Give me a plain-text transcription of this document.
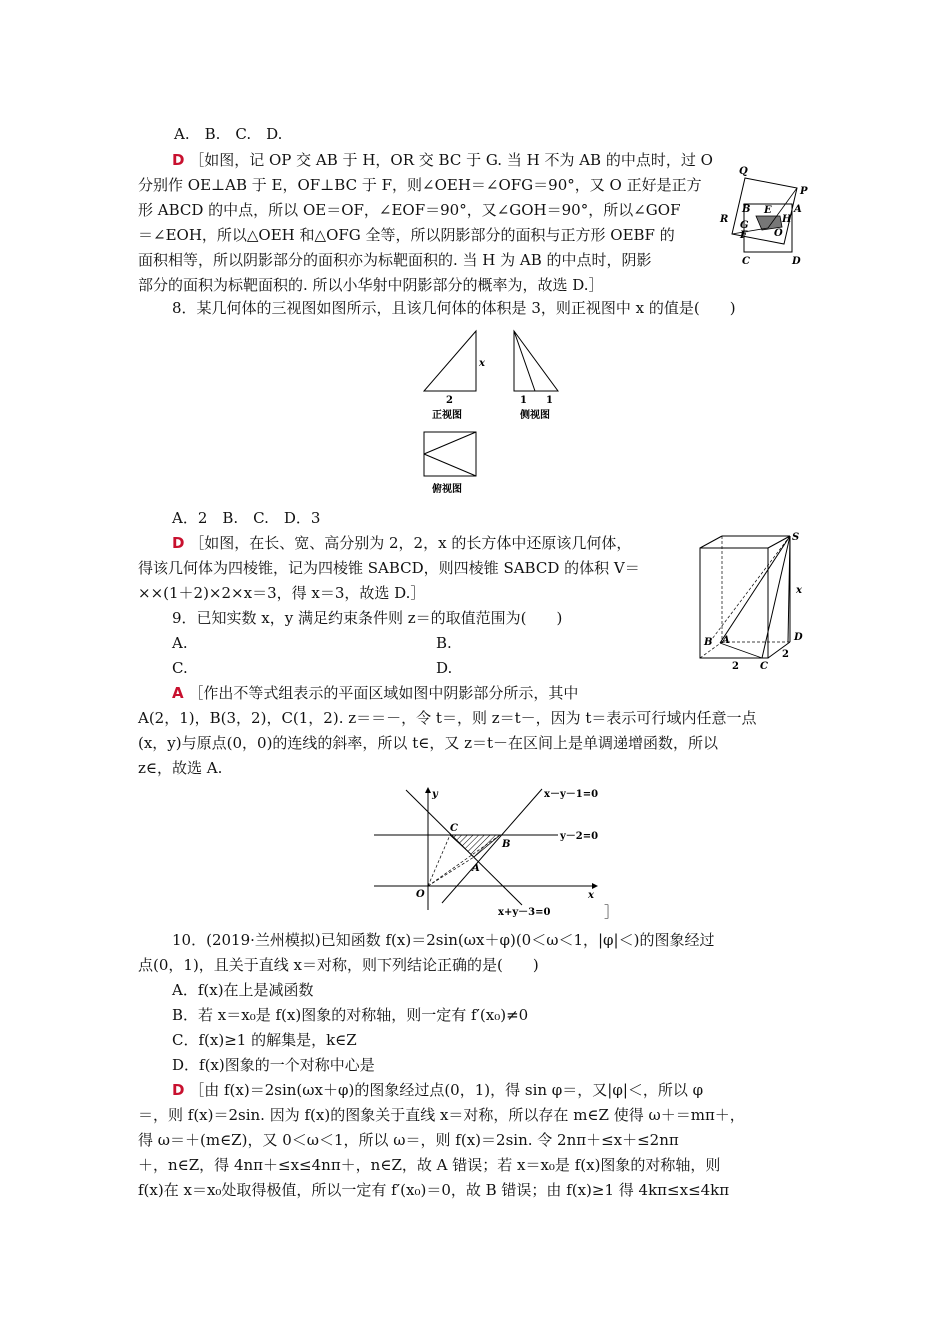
A.　B.　C.　D.
D ［如图，记 OP 交 AB 于 H，OR 交 BC 于 G. 当 H 不为 AB 的中点时，过 O
分别作 OE⊥AB 于 E，OF⊥BC 于 F，则∠OEH＝∠OFG＝90°，又 O 正好是正方
形 ABCD 的中点，所以 OE＝OF，∠EOF＝90°，又∠GOH＝90°，所以∠GOF
＝∠EOH，所以△OEH 和△OFG 全等，所以阴影部分的面积与正方形 OEBF 的
面积相等，所以阴影部分的面积亦为标靶面积的. 当 H 为 AB 的中点时，阴影
部分的面积为标靶面积的. 所以小华射中阴影部分的概率为，故选 D.］
Q
P
R
B E A
H
G
O
F
C	D
8．某几何体的三视图如图所示，且该几何体的体积是 3，则正视图中 x 的值是(　　)
x
2
正视图
1 1
侧视图
俯视图
A．2　B.　C.　D．3
D ［如图，在长、宽、高分别为 2，2，x 的长方体中还原该几何体，
得该几何体为四棱锥，记为四棱锥 SABCD，则四棱锥 SABCD 的体积 V＝
××(1＋2)×2×x＝3，得 x＝3，故选 D.］
S
x
B A	D
2 C
2
9．已知实数 x，y 满足约束条件则 z＝的取值范围为(　　)
A.	B.
C.	D.
A ［作出不等式组表示的平面区域如图中阴影部分所示，其中
A(2，1)，B(3，2)，C(1，2). z＝＝－，令 t＝，则 z＝t－，因为 t＝表示可行域内任意一点
(x，y)与原点(0，0)的连线的斜率，所以 t∈，又 z＝t－在区间上是单调递增函数，所以
z∈，故选 A.
y
x
O
C
B
A
x－y－1=0
y－2=0
x+y－3=0	］
10．(2019·兰州模拟)已知函数 f(x)＝2sin(ωx＋φ)(0＜ω＜1，|φ|＜)的图象经过
点(0，1)，且关于直线 x＝对称，则下列结论正确的是(　　)
A．f(x)在上是减函数
B．若 x＝x₀是 f(x)图象的对称轴，则一定有 f′(x₀)≠0
C．f(x)≥1 的解集是，k∈Z
D．f(x)图象的一个对称中心是
D ［由 f(x)＝2sin(ωx＋φ)的图象经过点(0，1)，得 sin φ＝，又|φ|＜，所以 φ
＝，则 f(x)＝2sin. 因为 f(x)的图象关于直线 x＝对称，所以存在 m∈Z 使得 ω＋＝mπ＋，
得 ω＝＋(m∈Z)，又 0＜ω＜1，所以 ω＝，则 f(x)＝2sin. 令 2nπ＋≤x＋≤2nπ
＋，n∈Z，得 4nπ＋≤x≤4nπ＋，n∈Z，故 A 错误；若 x＝x₀是 f(x)图象的对称轴，则
f(x)在 x＝x₀处取得极值，所以一定有 f′(x₀)＝0，故 B 错误；由 f(x)≥1 得 4kπ≤x≤4kπ
